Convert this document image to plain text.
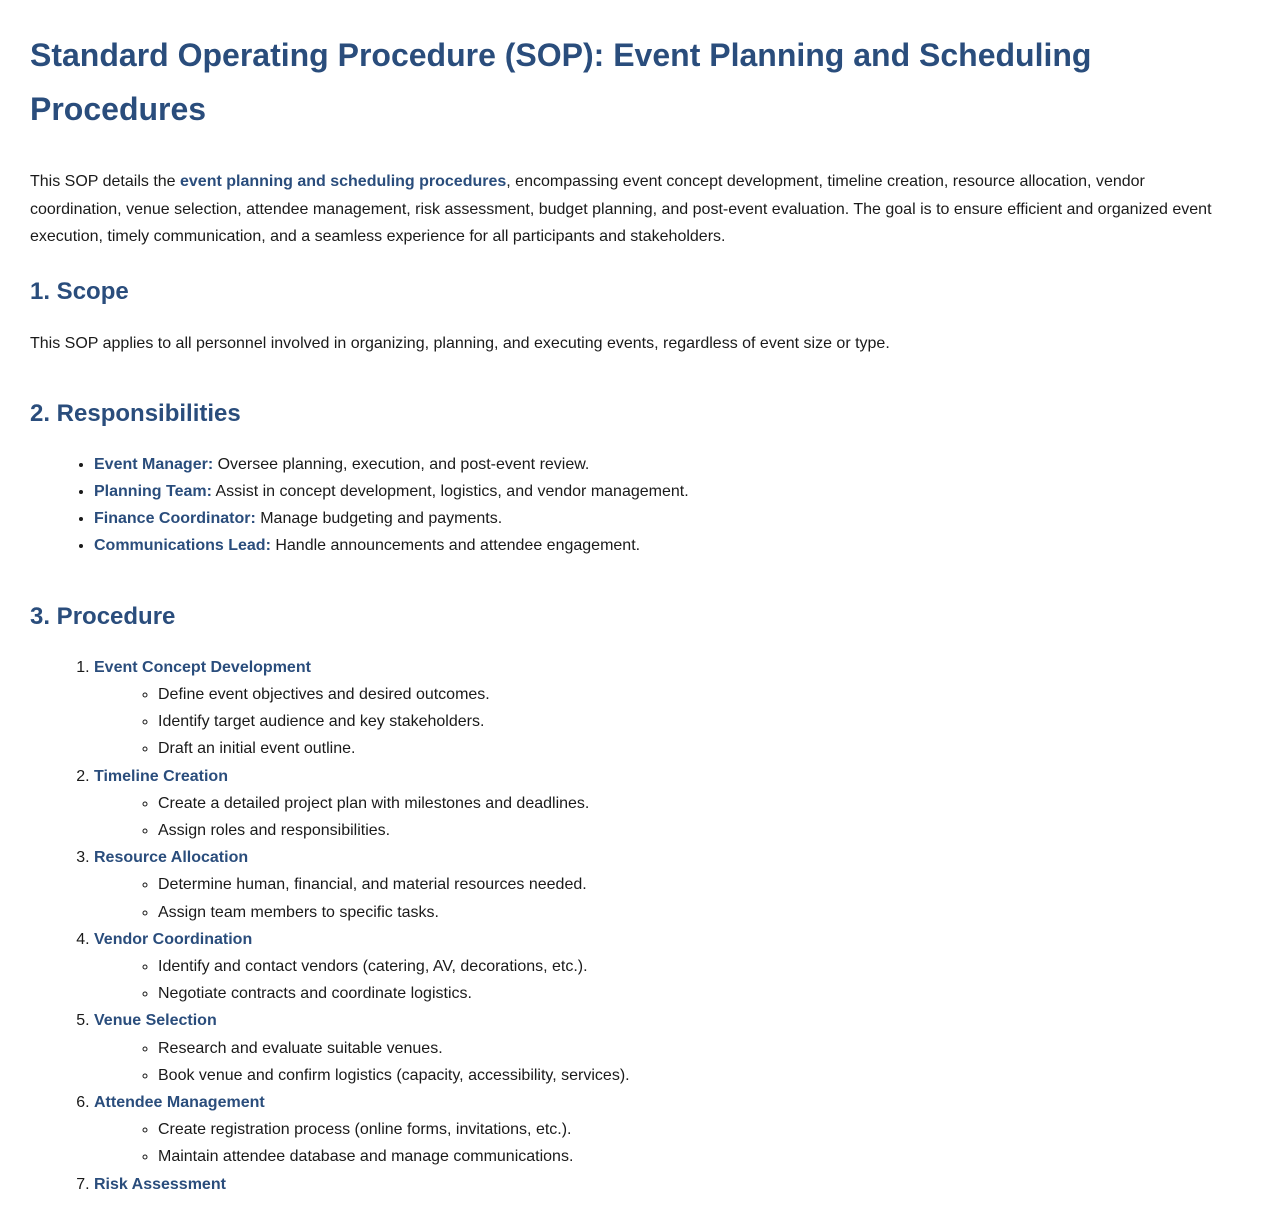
Standard Operating Procedure (SOP): Event Planning and Scheduling Procedures

This SOP details the event planning and scheduling procedures, encompassing event concept development, timeline creation, resource allocation, vendor coordination, venue selection, attendee management, risk assessment, budget planning, and post-event evaluation. The goal is to ensure efficient and organized event execution, timely communication, and a seamless experience for all participants and stakeholders.

1. Scope

This SOP applies to all personnel involved in organizing, planning, and executing events, regardless of event size or type.

2. Responsibilities
• Event Manager: Oversee planning, execution, and post-event review.
• Planning Team: Assist in concept development, logistics, and vendor management.
• Finance Coordinator: Manage budgeting and payments.
• Communications Lead: Handle announcements and attendee engagement.
3. Procedure
1. Event Concept Development
◦ Define event objectives and desired outcomes.
◦ Identify target audience and key stakeholders.
◦ Draft an initial event outline.
2. Timeline Creation
◦ Create a detailed project plan with milestones and deadlines.
◦ Assign roles and responsibilities.
3. Resource Allocation
◦ Determine human, financial, and material resources needed.
◦ Assign team members to specific tasks.
4. Vendor Coordination
◦ Identify and contact vendors (catering, AV, decorations, etc.).
◦ Negotiate contracts and coordinate logistics.
5. Venue Selection
◦ Research and evaluate suitable venues.
◦ Book venue and confirm logistics (capacity, accessibility, services).
6. Attendee Management
◦ Create registration process (online forms, invitations, etc.).
◦ Maintain attendee database and manage communications.
7. Risk Assessment
